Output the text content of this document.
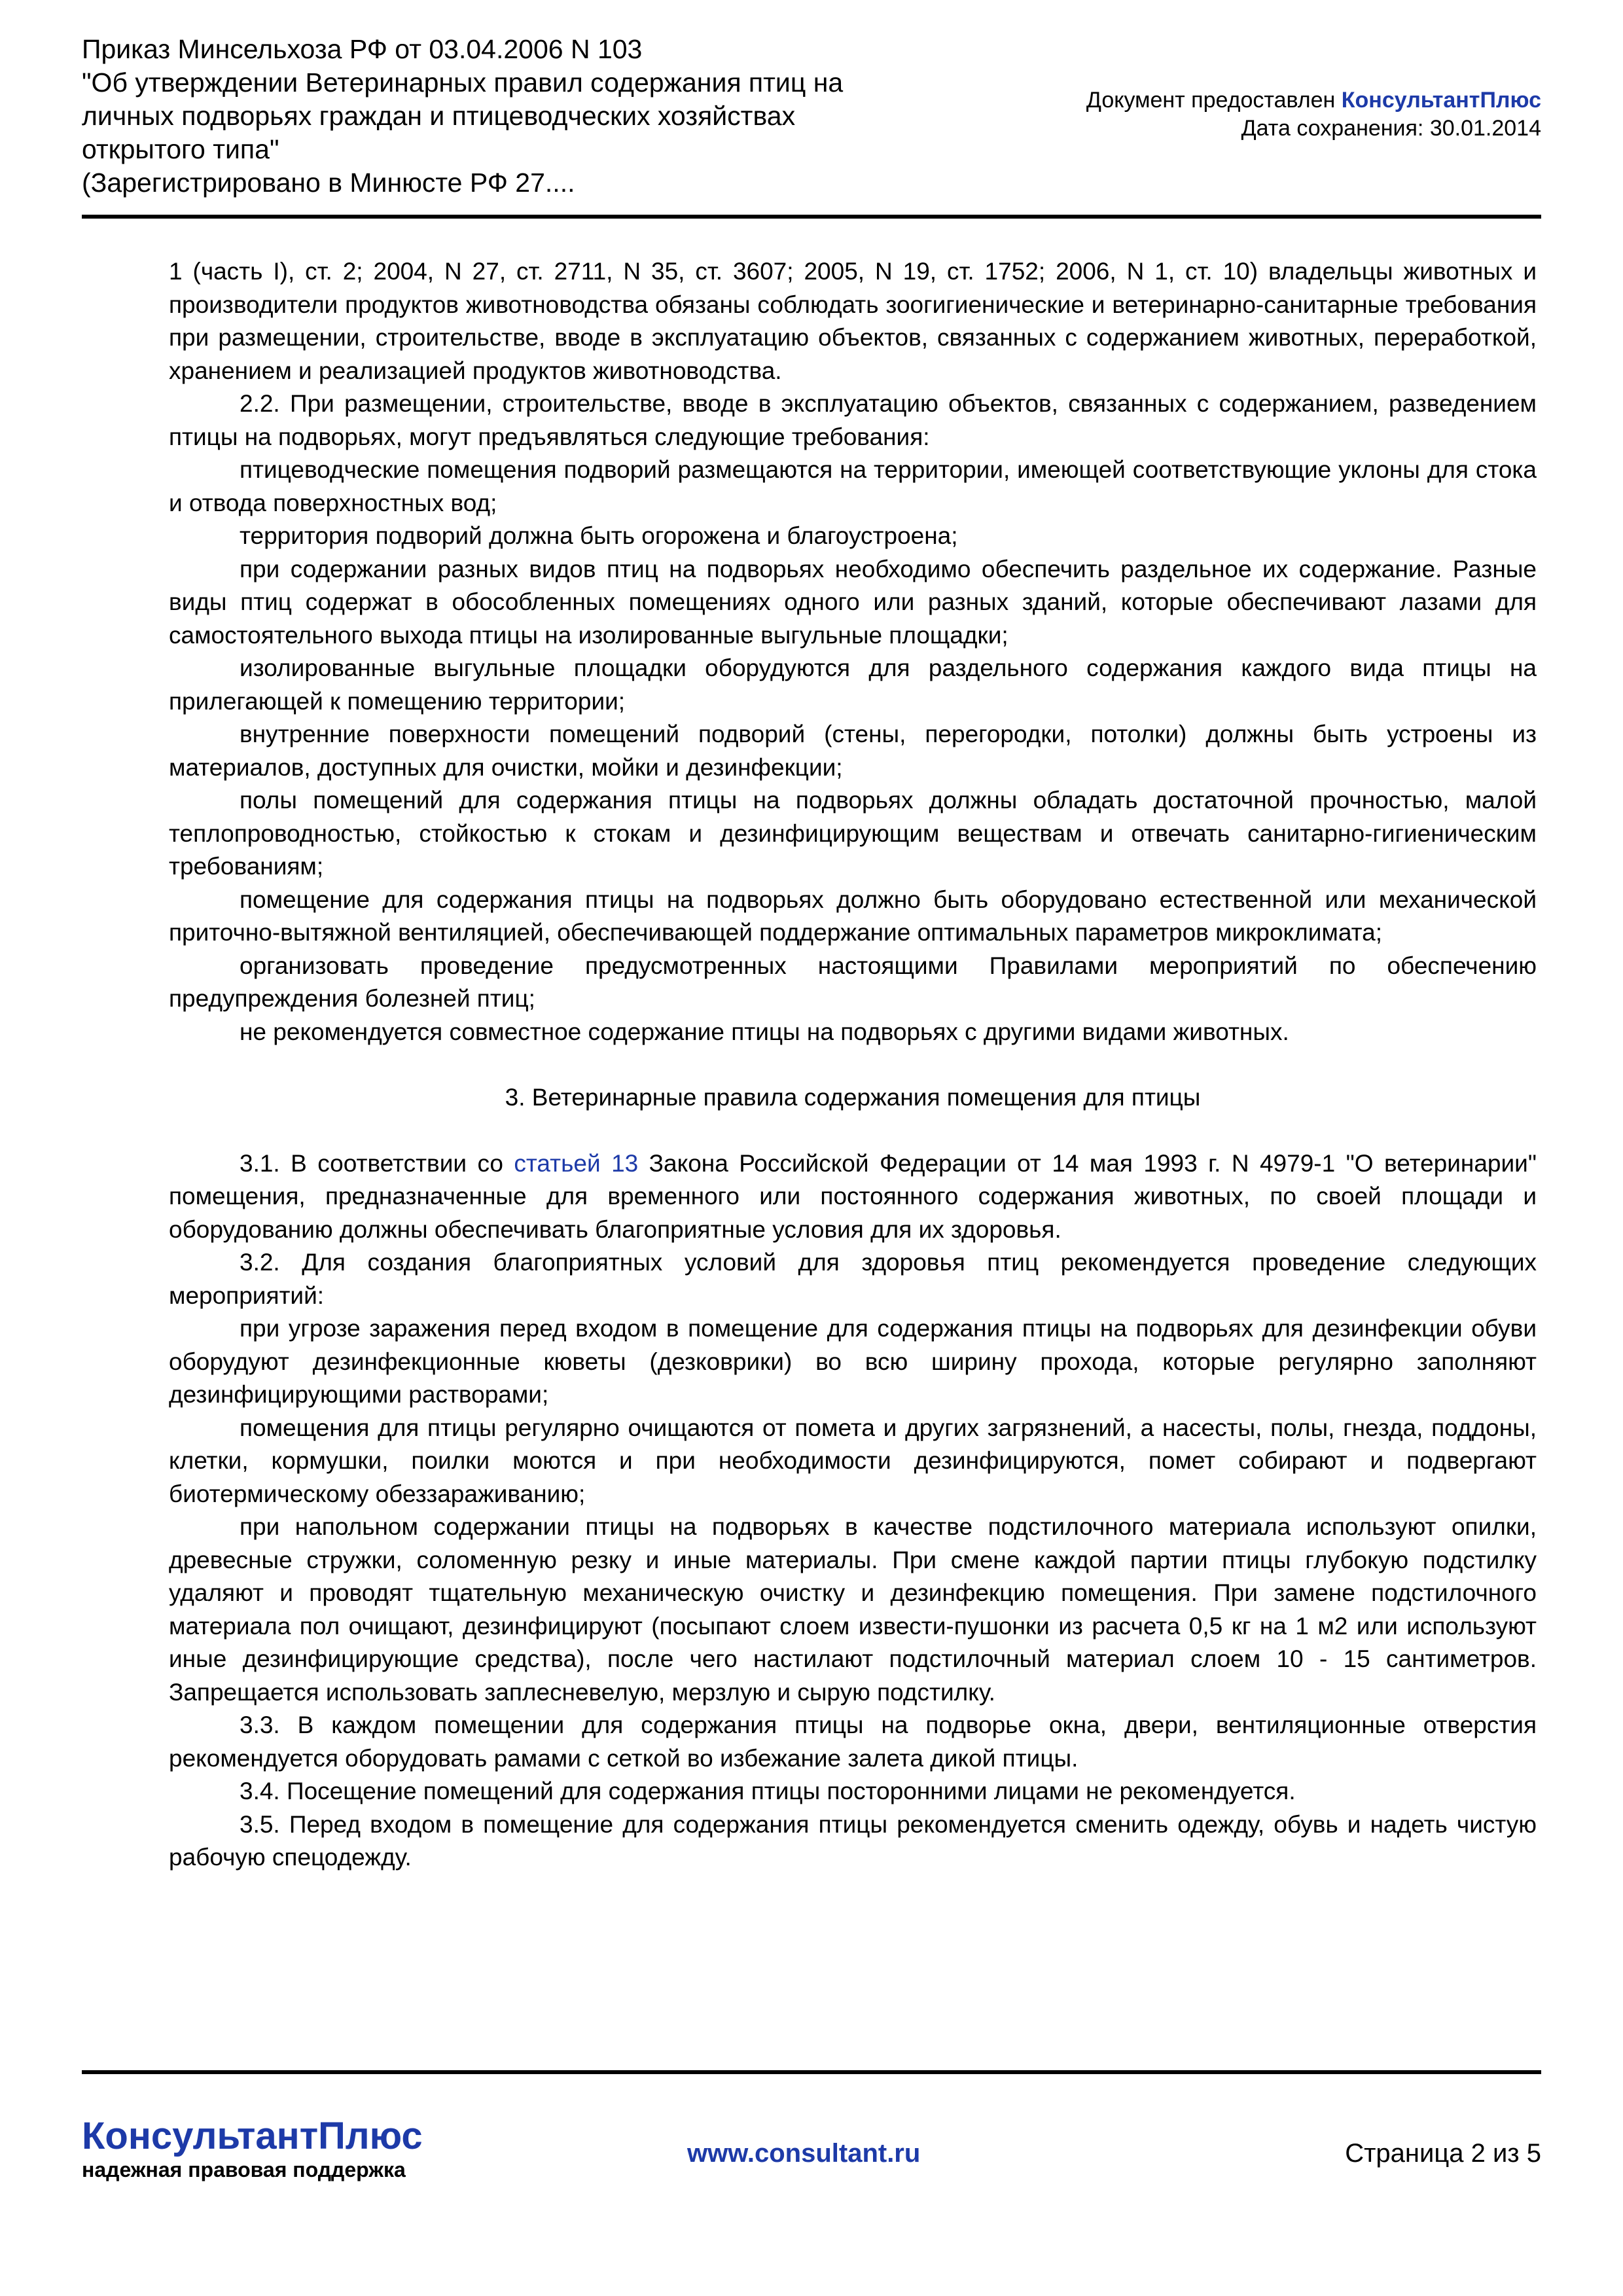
Приказ Минсельхоза РФ от 03.04.2006 N 103
"Об утверждении Ветеринарных правил содержания птиц на
личных подворьях граждан и птицеводческих хозяйствах
открытого типа"
(Зарегистрировано в Минюсте РФ 27....
Документ предоставлен КонсультантПлюс
Дата сохранения: 30.01.2014

1 (часть I), ст. 2; 2004, N 27, ст. 2711, N 35, ст. 3607; 2005, N 19, ст. 1752; 2006, N 1, ст. 10) владельцы животных и производители продуктов животноводства обязаны соблюдать зоогигиенические и ветеринарно-санитарные требования при размещении, строительстве, вводе в эксплуатацию объектов, связанных с содержанием животных, переработкой, хранением и реализацией продуктов животноводства.

2.2. При размещении, строительстве, вводе в эксплуатацию объектов, связанных с содержанием, разведением птицы на подворьях, могут предъявляться следующие требования:

птицеводческие помещения подворий размещаются на территории, имеющей соответствующие уклоны для стока и отвода поверхностных вод;

территория подворий должна быть огорожена и благоустроена;

при содержании разных видов птиц на подворьях необходимо обеспечить раздельное их содержание. Разные виды птиц содержат в обособленных помещениях одного или разных зданий, которые обеспечивают лазами для самостоятельного выхода птицы на изолированные выгульные площадки;

изолированные выгульные площадки оборудуются для раздельного содержания каждого вида птицы на прилегающей к помещению территории;

внутренние поверхности помещений подворий (стены, перегородки, потолки) должны быть устроены из материалов, доступных для очистки, мойки и дезинфекции;

полы помещений для содержания птицы на подворьях должны обладать достаточной прочностью, малой теплопроводностью, стойкостью к стокам и дезинфицирующим веществам и отвечать санитарно-гигиеническим требованиям;

помещение для содержания птицы на подворьях должно быть оборудовано естественной или механической приточно-вытяжной вентиляцией, обеспечивающей поддержание оптимальных параметров микроклимата;

организовать проведение предусмотренных настоящими Правилами мероприятий по обеспечению предупреждения болезней птиц;

не рекомендуется совместное содержание птицы на подворьях с другими видами животных.

3. Ветеринарные правила содержания помещения для птицы

3.1. В соответствии со статьей 13 Закона Российской Федерации от 14 мая 1993 г. N 4979-1 "О ветеринарии" помещения, предназначенные для временного или постоянного содержания животных, по своей площади и оборудованию должны обеспечивать благоприятные условия для их здоровья.

3.2. Для создания благоприятных условий для здоровья птиц рекомендуется проведение следующих мероприятий:

при угрозе заражения перед входом в помещение для содержания птицы на подворьях для дезинфекции обуви оборудуют дезинфекционные кюветы (дезковрики) во всю ширину прохода, которые регулярно заполняют дезинфицирующими растворами;

помещения для птицы регулярно очищаются от помета и других загрязнений, а насесты, полы, гнезда, поддоны, клетки, кормушки, поилки моются и при необходимости дезинфицируются, помет собирают и подвергают биотермическому обеззараживанию;

при напольном содержании птицы на подворьях в качестве подстилочного материала используют опилки, древесные стружки, соломенную резку и иные материалы. При смене каждой партии птицы глубокую подстилку удаляют и проводят тщательную механическую очистку и дезинфекцию помещения. При замене подстилочного материала пол очищают, дезинфицируют (посыпают слоем извести-пушонки из расчета 0,5 кг на 1 м2 или используют иные дезинфицирующие средства), после чего настилают подстилочный материал слоем 10 - 15 сантиметров. Запрещается использовать заплесневелую, мерзлую и сырую подстилку.

3.3. В каждом помещении для содержания птицы на подворье окна, двери, вентиляционные отверстия рекомендуется оборудовать рамами с сеткой во избежание залета дикой птицы.

3.4. Посещение помещений для содержания птицы посторонними лицами не рекомендуется.

3.5. Перед входом в помещение для содержания птицы рекомендуется сменить одежду, обувь и надеть чистую рабочую спецодежду.

КонсультантПлюс
надежная правовая поддержка
www.consultant.ru	Страница 2 из 5
